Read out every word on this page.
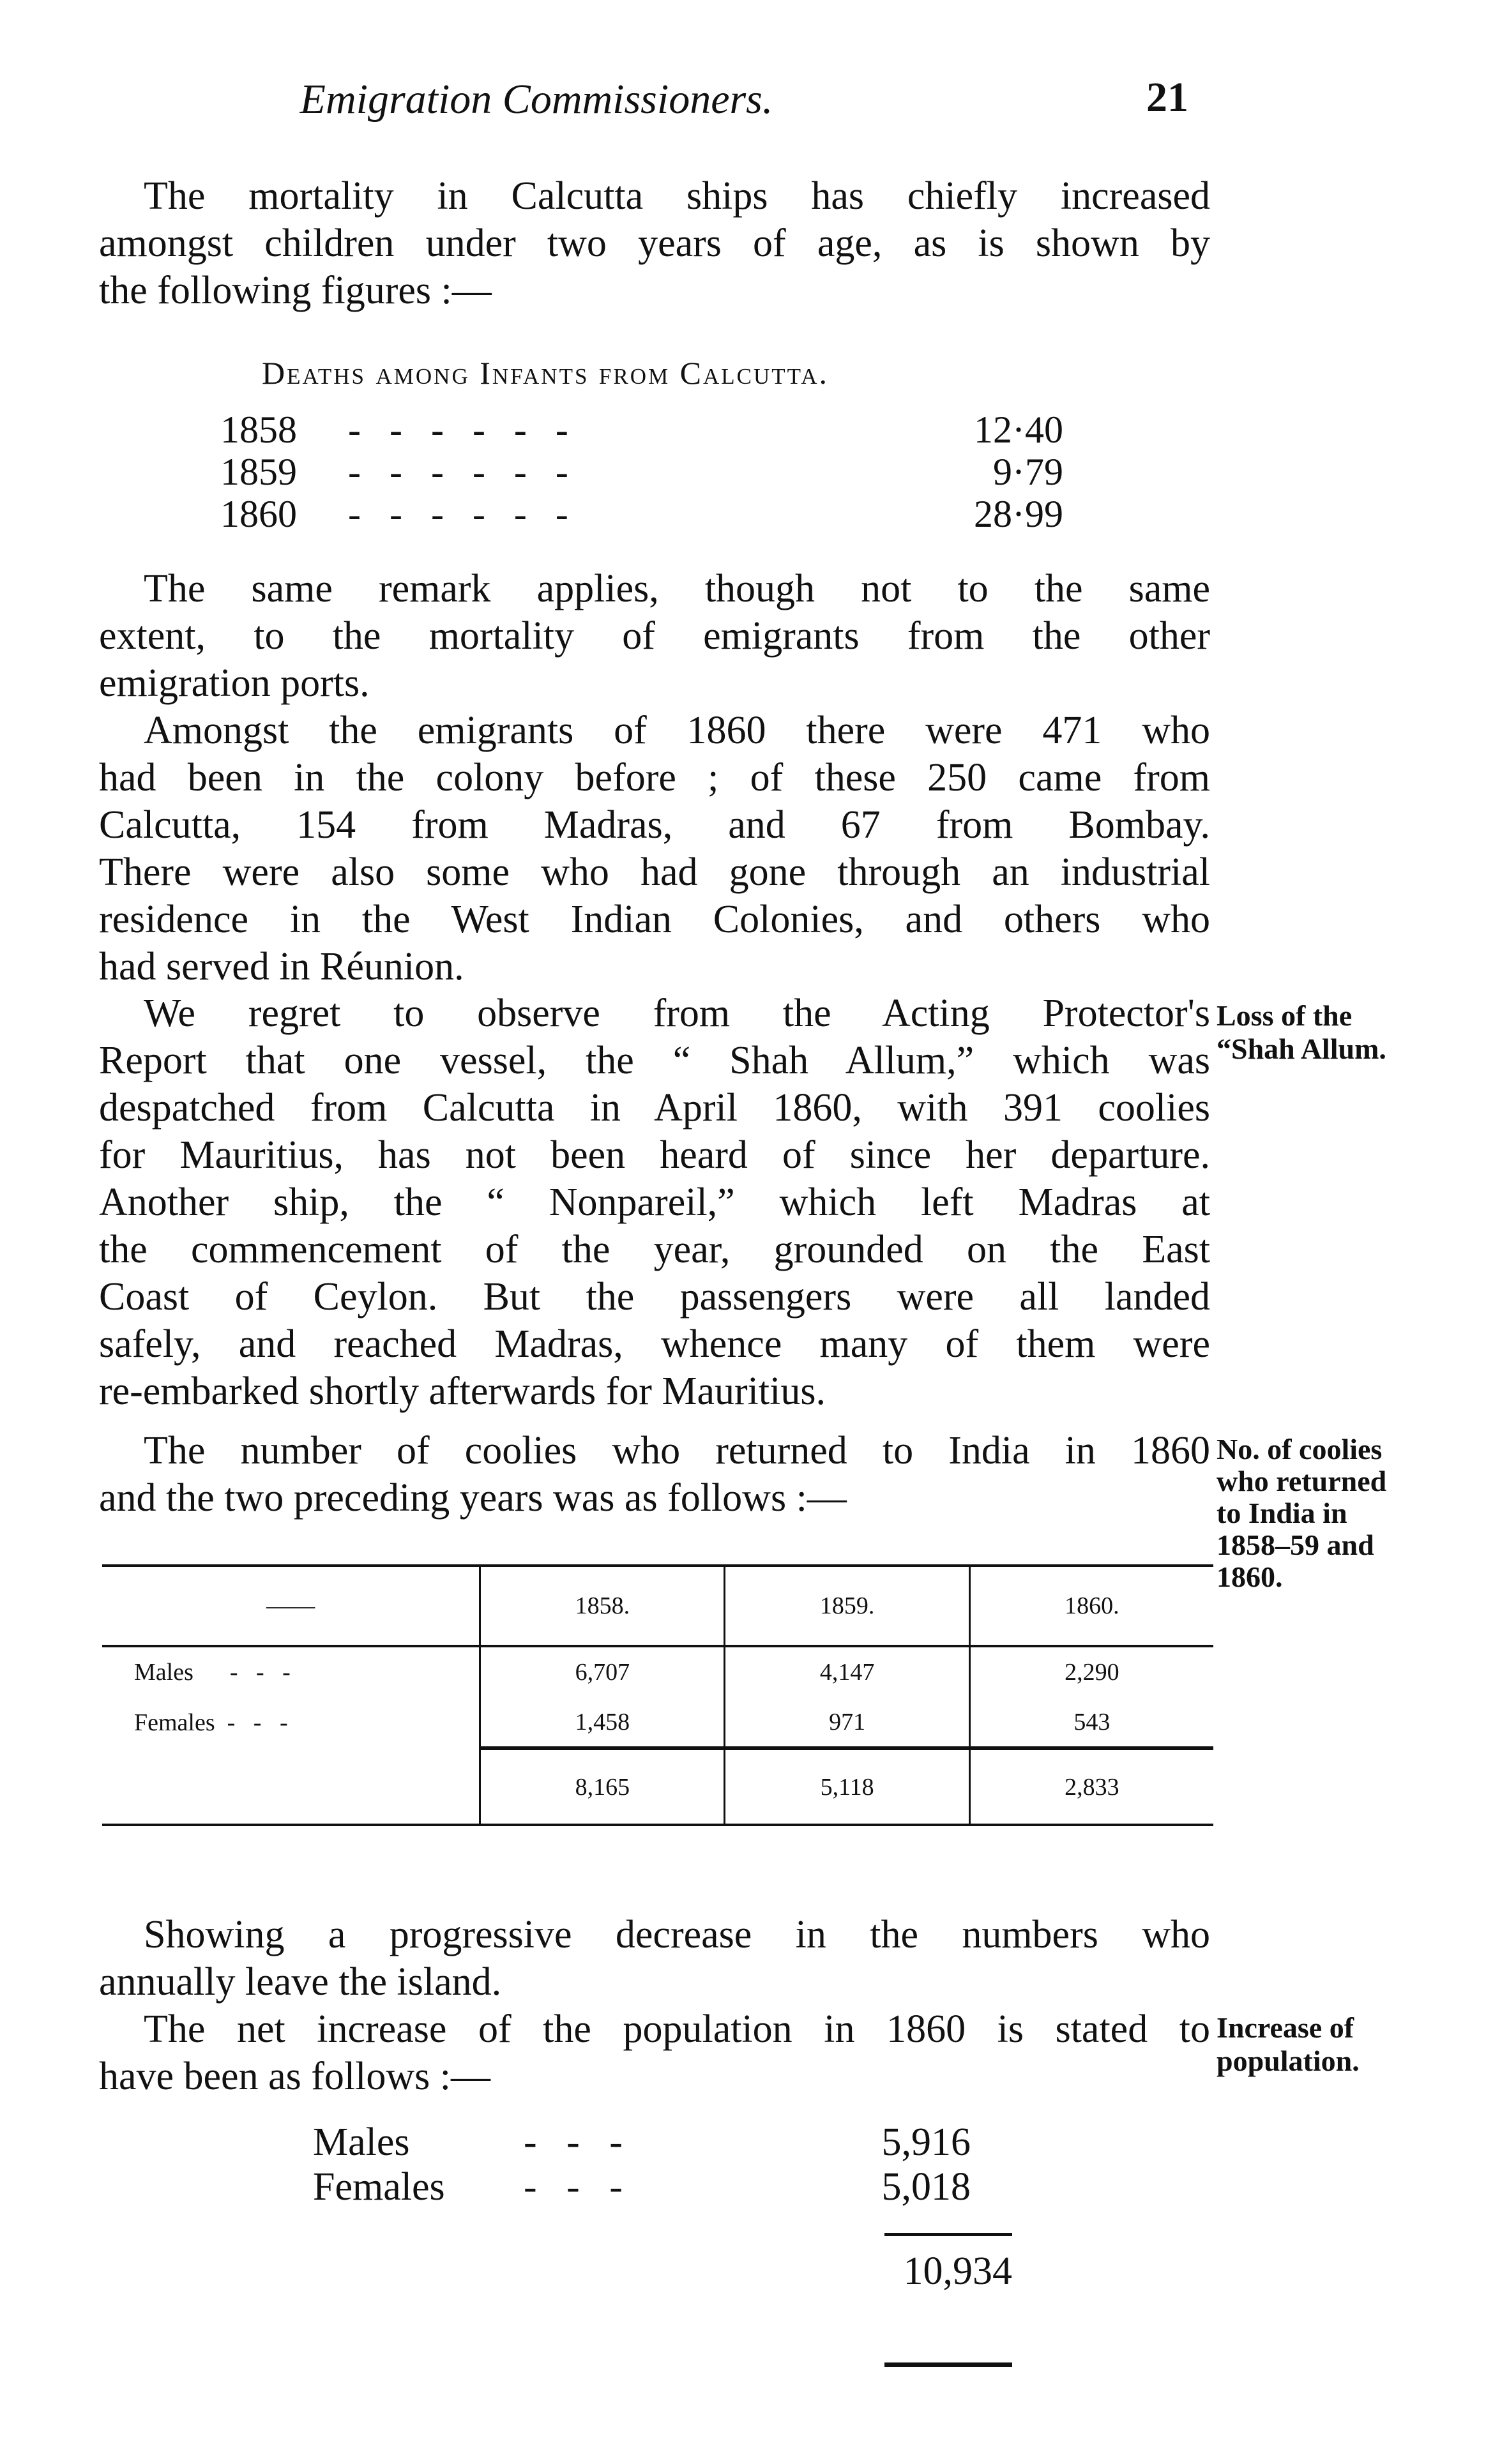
Emigration Commissioners.	21
The mortality in Calcutta ships has chiefly increased
amongst children under two years of age, as is shown by
the following figures :—
Deaths among Infants from Calcutta.
1858	-   -   -   -   -   -	12·40
1859	-   -   -   -   -   -	9·79
1860	-   -   -   -   -   -	28·99
The same remark applies, though not to the same
extent, to the mortality of emigrants from the other
emigration ports.
Amongst the emigrants of 1860 there were 471 who
had been in the colony before ; of these 250 came from
Calcutta, 154 from Madras, and 67 from Bombay.
There were also some who had gone through an industrial
residence in the West Indian Colonies, and others who
had served in Réunion.
We regret to observe from the Acting Protector's
Report that one vessel, the “ Shah Allum,” which was
despatched from Calcutta in April 1860, with 391 coolies
for Mauritius, has not been heard of since her departure.
Another ship, the “ Nonpareil,” which left Madras at
the commencement of the year, grounded on the East
Coast of Ceylon. But the passengers were all landed
safely, and reached Madras, whence many of them were
re-embarked shortly afterwards for Mauritius.
Loss of the
“Shah Allum.
The number of coolies who returned to India in 1860
and the two preceding years was as follows :—
No. of coolies
who returned
to India in
1858–59 and
1860.
——	1858.	1859.	1860.
Males -   -   -	6,707	4,147	2,290
Females -   -   -	1,458	971	543
	8,165	5,118	2,833
Showing a progressive decrease in the numbers who
annually leave the island.
The net increase of the population in 1860 is stated to
have been as follows :—
Increase of
population.
Males	-   -   -	5,916
Females	-   -   -	5,018
10,934
